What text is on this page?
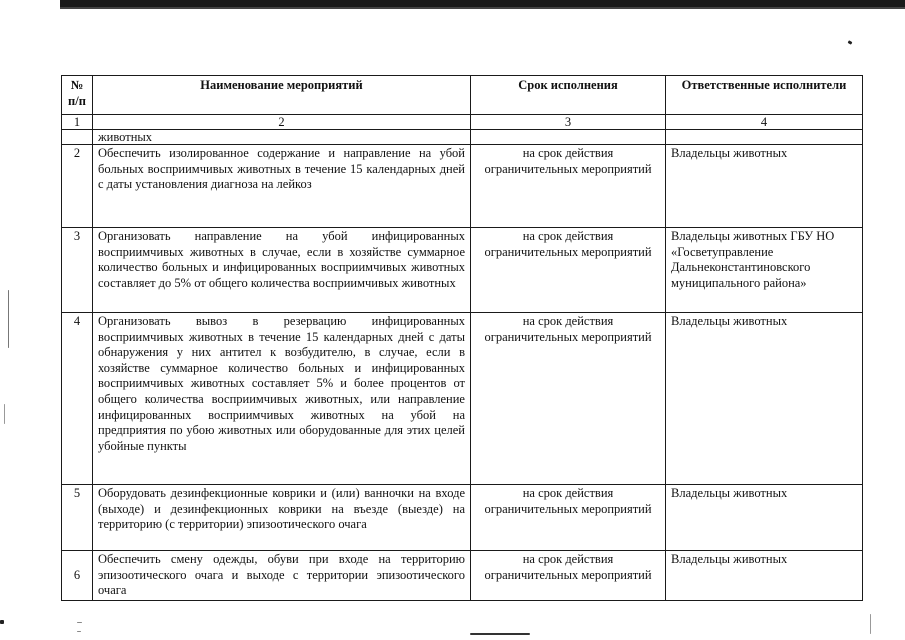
№ п/п	Наименование мероприятий	Срок исполнения	Ответственные исполнители
1	2	3	4
	животных		
2	Обеспечить изолированное содержание и направление на убой больных восприимчивых животных в течение 15 календарных дней с даты установления диагноза на лейкоз	на срок действия ограничительных мероприятий	Владельцы животных
3	Организовать направление на убой инфицированных восприимчивых животных в случае, если в хозяйстве суммарное количество больных и инфицированных восприимчивых животных составляет до 5% от общего количества восприимчивых животных	на срок действия ограничительных мероприятий	Владельцы животных ГБУ НО «Госветуправление Дальнеконстантиновского муниципального района»
4	Организовать вывоз в резервацию инфицированных восприимчивых животных в течение 15 календарных дней с даты обнаружения у них антител к возбудителю, в случае, если в хозяйстве суммарное количество больных и инфицированных восприимчивых животных составляет 5% и более процентов от общего количества восприимчивых животных, или направление инфицированных восприимчивых животных на убой на предприятия по убою животных или оборудованные для этих целей убойные пункты	на срок действия ограничительных мероприятий	Владельцы животных
5	Оборудовать дезинфекционные коврики и (или) ванночки на входе (выходе) и дезинфекционных коврики на въезде (выезде) на территорию (с территории) эпизоотического очага	на срок действия ограничительных мероприятий	Владельцы животных
6	Обеспечить смену одежды, обуви при входе на территорию эпизоотического очага и выходе с территории эпизоотического очага	на срок действия ограничительных мероприятий	Владельцы животных
